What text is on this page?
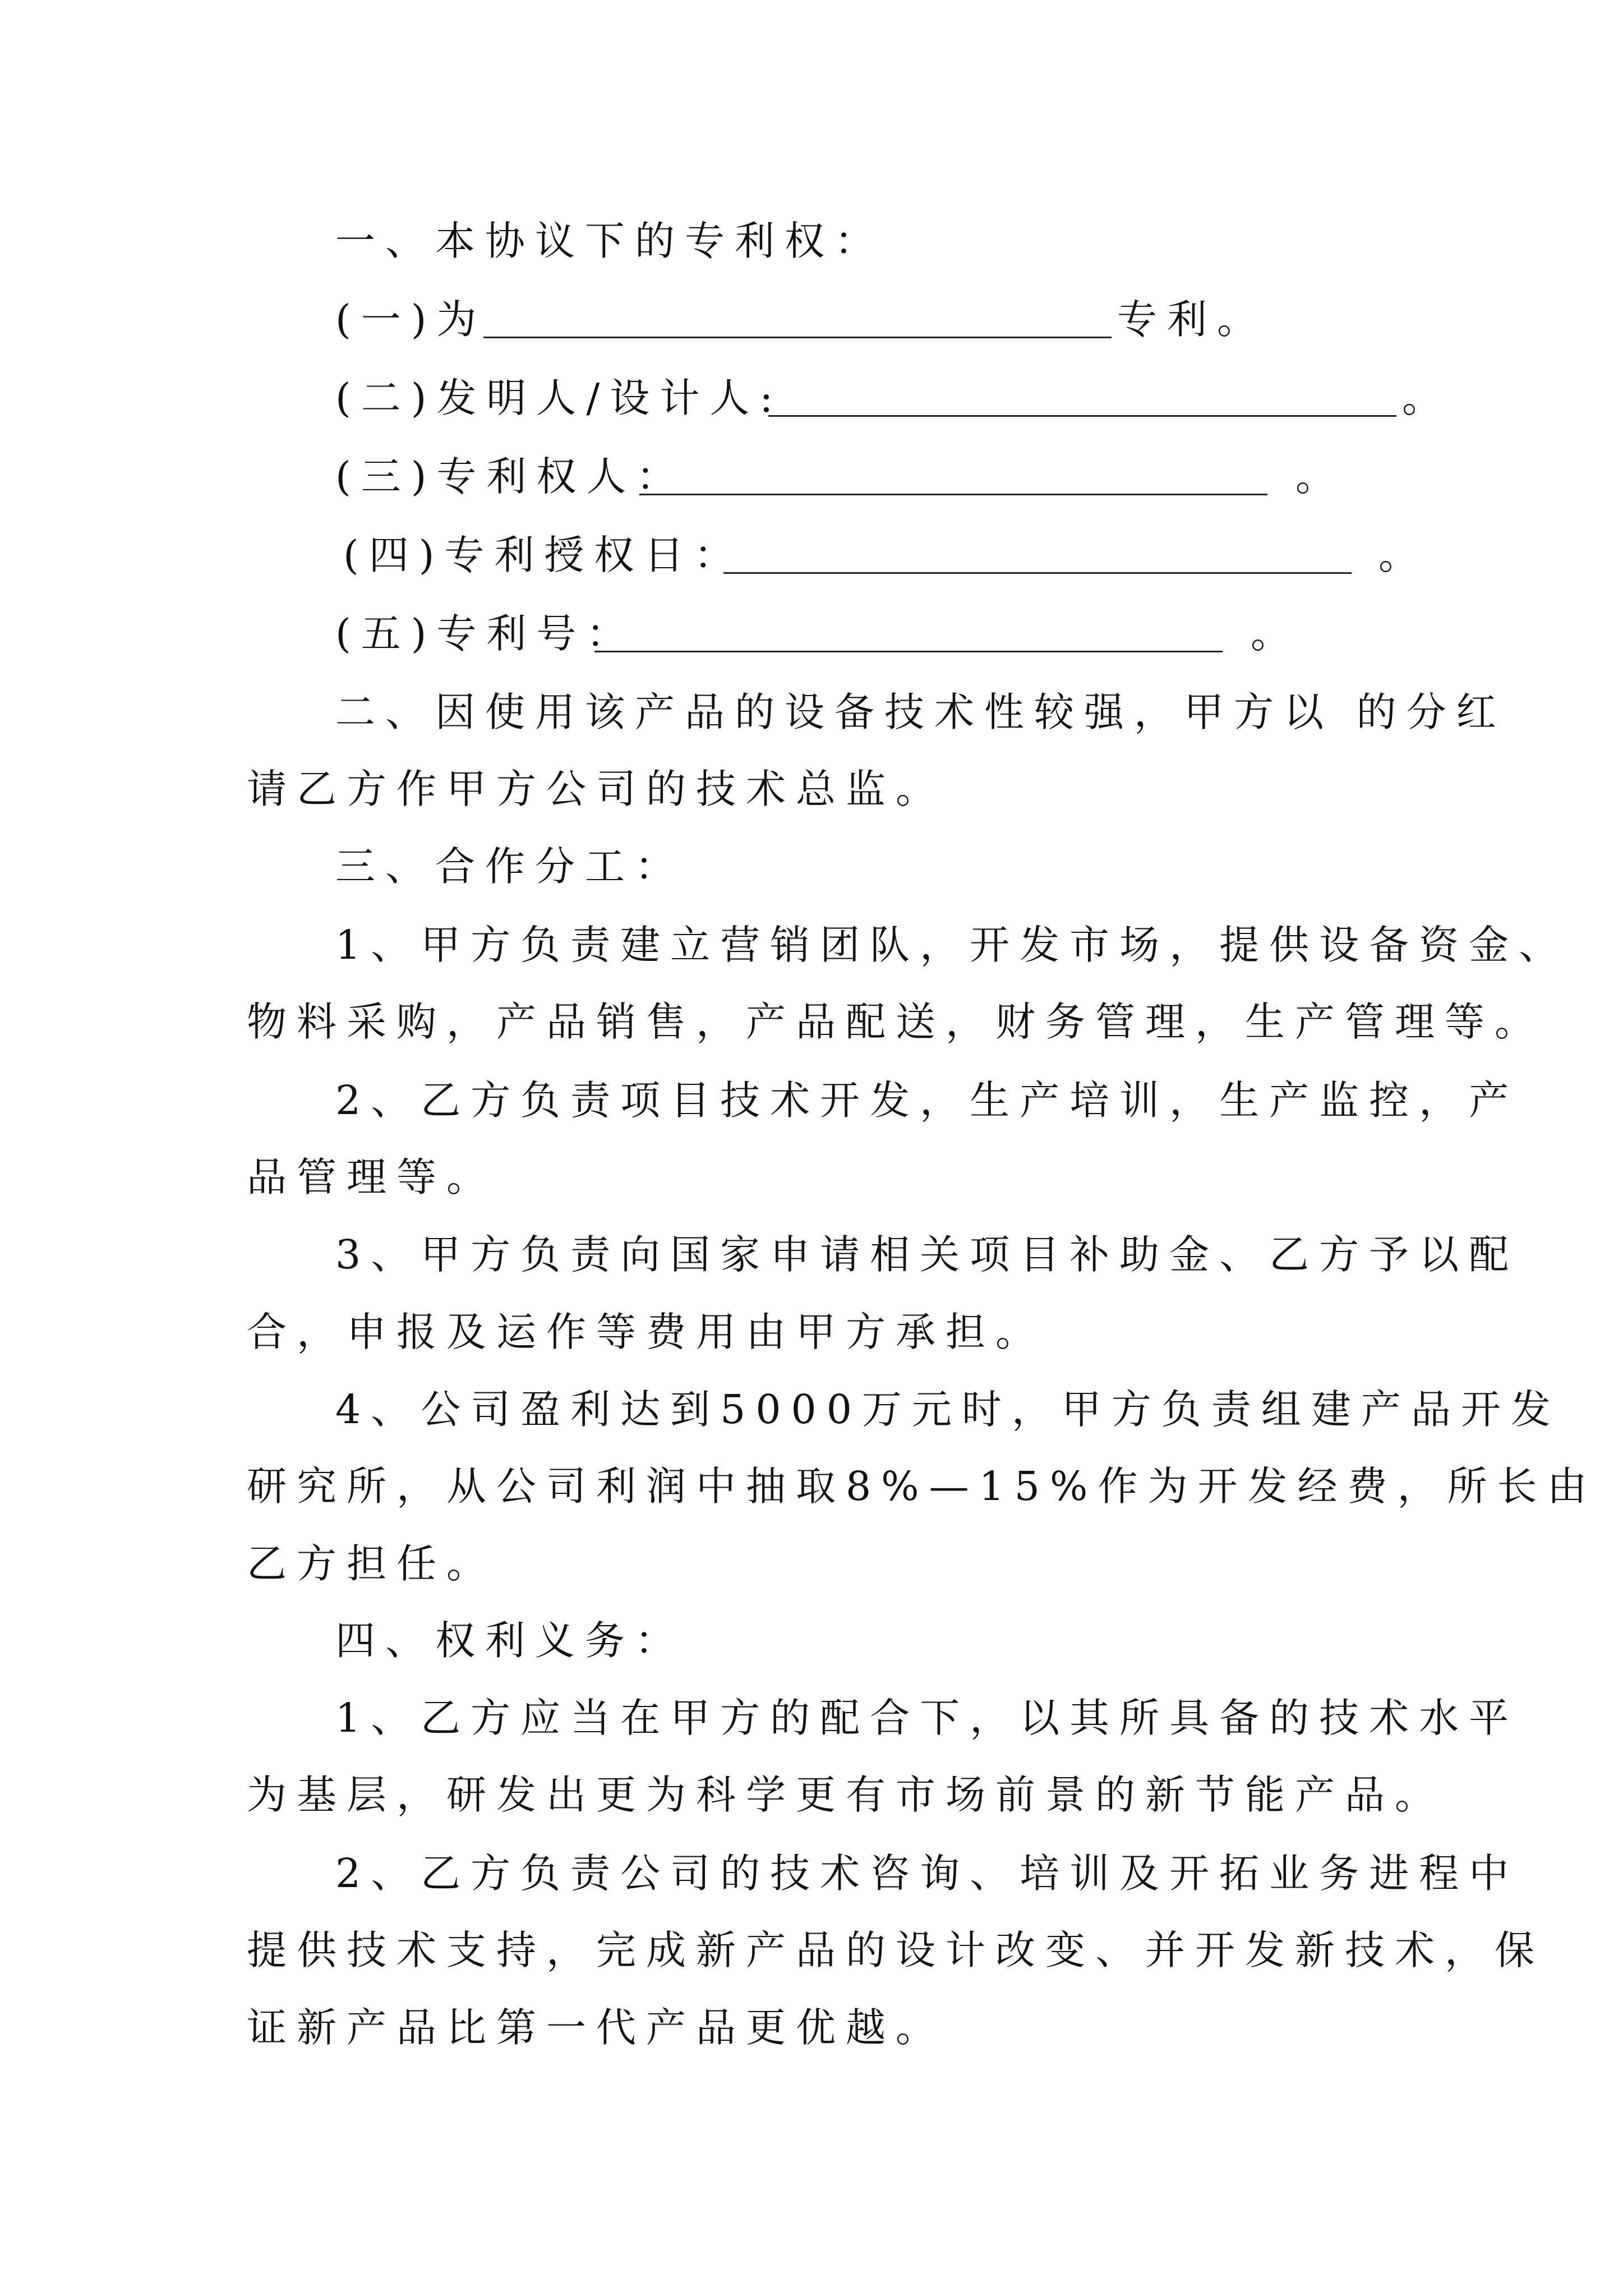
一、本协议下的专利权：
(一)为	专利。
(二)发明人/设计人:	。
(三)专利权人：	。
(四)专利授权日：	。
(五)专利号：	。
二、因使用该产品的设备技术性较强，甲方以 的分红
请乙方作甲方公司的技术总监。
三、合作分工：
1、甲方负责建立营销团队，开发市场，提供设备资金、
物料采购，产品销售，产品配送，财务管理，生产管理等。
2、乙方负责项目技术开发，生产培训，生产监控，产
品管理等。
3、甲方负责向国家申请相关项目补助金、乙方予以配
合，申报及运作等费用由甲方承担。
4、公司盈利达到5000万元时，甲方负责组建产品开发
研究所，从公司利润中抽取8%—15%作为开发经费，所长由
乙方担任。
四、权利义务：
1、乙方应当在甲方的配合下，以其所具备的技术水平
为基层，研发出更为科学更有市场前景的新节能产品。
2、乙方负责公司的技术咨询、培训及开拓业务进程中
提供技术支持，完成新产品的设计改变、并开发新技术，保
证新产品比第一代产品更优越。
